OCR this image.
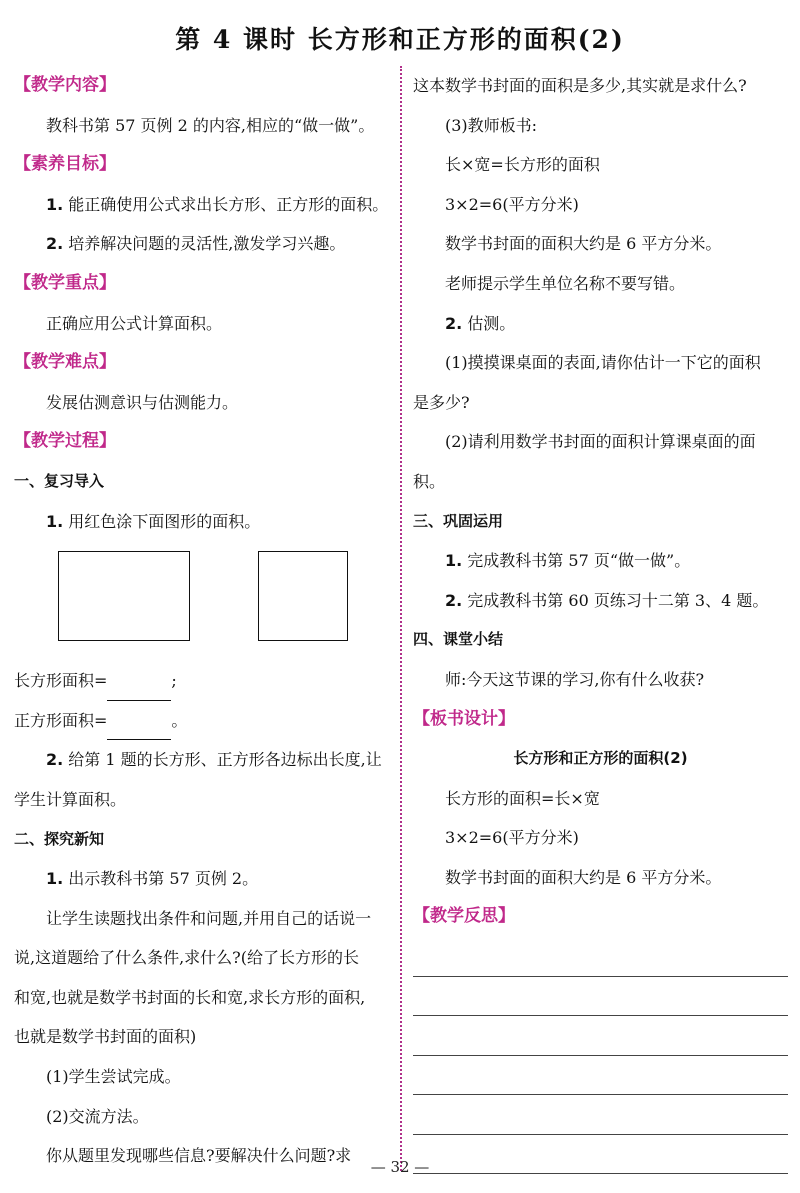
第 4 课时 长方形和正方形的面积(2)
【教学内容】
教科书第 57 页例 2 的内容,相应的“做一做”。
【素养目标】
1. 能正确使用公式求出长方形、正方形的面积。
2. 培养解决问题的灵活性,激发学习兴趣。
【教学重点】
正确应用公式计算面积。
【教学难点】
发展估测意识与估测能力。
【教学过程】
一、复习导入
1. 用红色涂下面图形的面积。
长方形面积=	;
正方形面积=	。
2. 给第 1 题的长方形、正方形各边标出长度,让
学生计算面积。
二、探究新知
1. 出示教科书第 57 页例 2。
让学生读题找出条件和问题,并用自己的话说一
说,这道题给了什么条件,求什么?(给了长方形的长
和宽,也就是数学书封面的长和宽,求长方形的面积,
也就是数学书封面的面积)
(1)学生尝试完成。
(2)交流方法。
你从题里发现哪些信息?要解决什么问题?求
这本数学书封面的面积是多少,其实就是求什么?
(3)教师板书:
长×宽=长方形的面积
3×2=6(平方分米)
数学书封面的面积大约是 6 平方分米。
老师提示学生单位名称不要写错。
2. 估测。
(1)摸摸课桌面的表面,请你估计一下它的面积
是多少?
(2)请利用数学书封面的面积计算课桌面的面
积。
三、巩固运用
1. 完成教科书第 57 页“做一做”。
2. 完成教科书第 60 页练习十二第 3、4 题。
四、课堂小结
师:今天这节课的学习,你有什么收获?
【板书设计】
长方形和正方形的面积(2)
长方形的面积=长×宽
3×2=6(平方分米)
数学书封面的面积大约是 6 平方分米。
【教学反思】
— 32 —
